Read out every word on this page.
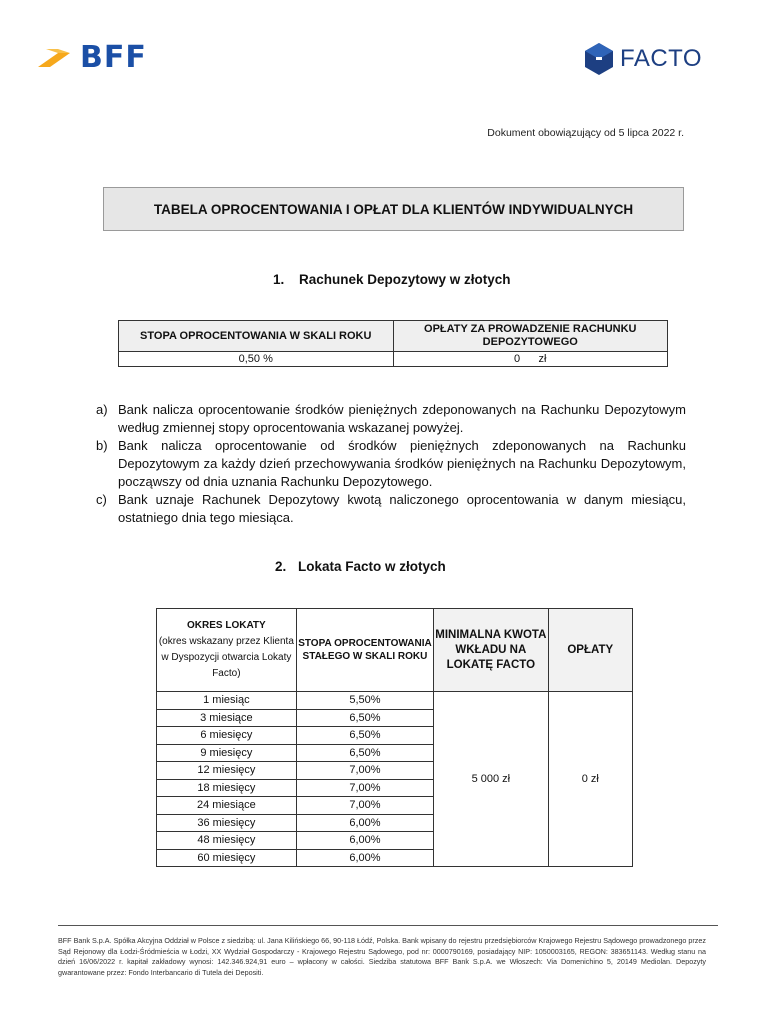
BFF	FACTO
Dokument obowiązujący od 5 lipca 2022 r.
TABELA OPROCENTOWANIA I OPŁAT DLA KLIENTÓW INDYWIDUALNYCH
1. Rachunek Depozytowy w złotych
STOPA OPROCENTOWANIA W SKALI ROKU	OPŁATY ZA PROWADZENIE RACHUNKU DEPOZYTOWEGO
0,50 %	0      zł
a) Bank nalicza oprocentowanie środków pieniężnych zdeponowanych na Rachunku Depozytowym według zmiennej stopy oprocentowania wskazanej powyżej.
b) Bank nalicza oprocentowanie od środków pieniężnych zdeponowanych na Rachunku Depozytowym za każdy dzień przechowywania środków pieniężnych na Rachunku Depozytowym, począwszy od dnia uznania Rachunku Depozytowego.
c) Bank uznaje Rachunek Depozytowy kwotą naliczonego oprocentowania w danym miesiącu, ostatniego dnia tego miesiąca.
2. Lokata Facto w złotych
OKRES LOKATY
(okres wskazany przez Klienta w Dyspozycji otwarcia Lokaty Facto)	STOPA OPROCENTOWANIA STAŁEGO W SKALI ROKU	MINIMALNA KWOTA WKŁADU NA LOKATĘ FACTO	OPŁATY
1 miesiąc	5,50%	5 000 zł	0 zł
3 miesiące	6,50%		
6 miesięcy	6,50%		
9 miesięcy	6,50%		
12 miesięcy	7,00%		
18 miesięcy	7,00%		
24 miesiące	7,00%		
36 miesięcy	6,00%		
48 miesięcy	6,00%		
60 miesięcy	6,00%		
BFF Bank S.p.A. Spółka Akcyjna Oddział w Polsce z siedzibą: ul. Jana Kilińskiego 66, 90-118 Łódź, Polska. Bank wpisany do rejestru przedsiębiorców Krajowego Rejestru Sądowego prowadzonego przez Sąd Rejonowy dla Łodzi-Śródmieścia w Łodzi, XX Wydział Gospodarczy - Krajowego Rejestru Sądowego, pod nr: 0000790169, posiadający NIP: 1050003165, REGON: 383651143. Według stanu na dzień 16/06/2022 r. kapitał zakładowy wynosi: 142.346.924,91 euro – wpłacony w całości. Siedziba statutowa BFF Bank S.p.A. we Włoszech: Via Domenichino 5, 20149 Mediolan. Depozyty gwarantowane przez: Fondo Interbancario di Tutela dei Depositi.
